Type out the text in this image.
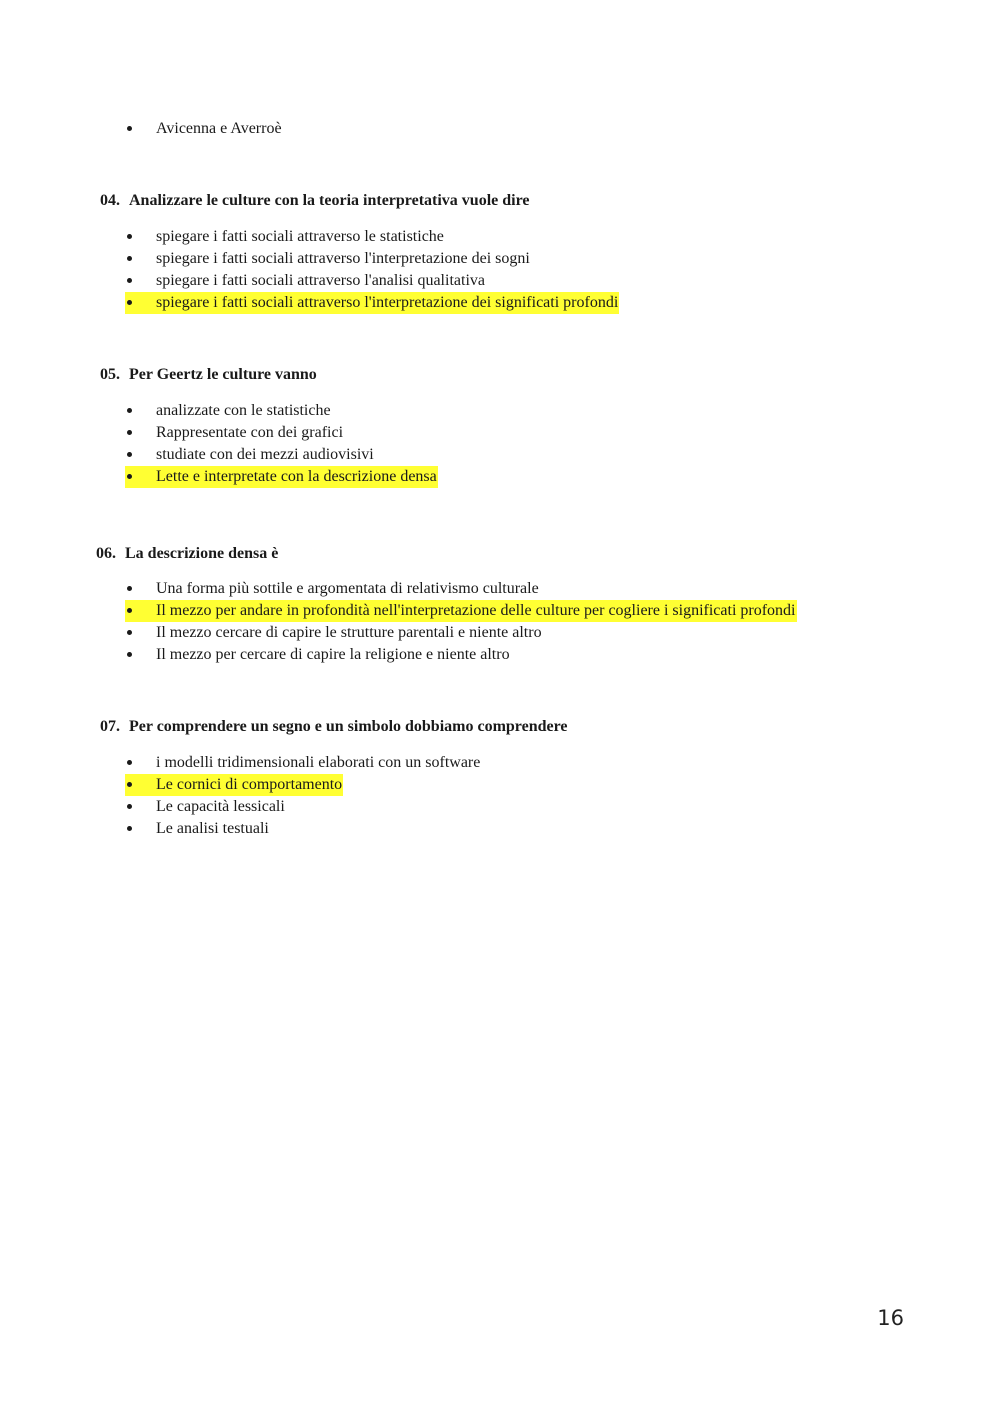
Avicenna e Averroè
04. Analizzare le culture con la teoria interpretativa vuole dire
spiegare i fatti sociali attraverso le statistiche
spiegare i fatti sociali attraverso l'interpretazione dei sogni
spiegare i fatti sociali attraverso l'analisi qualitativa
spiegare i fatti sociali attraverso l'interpretazione dei significati profondi
05. Per Geertz le culture vanno
analizzate con le statistiche
Rappresentate con dei grafici
studiate con dei mezzi audiovisivi
Lette e interpretate con la descrizione densa
06. La descrizione densa è
Una forma più sottile e argomentata di relativismo culturale
Il mezzo per andare in profondità nell'interpretazione delle culture per cogliere i significati profondi
Il mezzo cercare di capire le strutture parentali e niente altro
Il mezzo per cercare di capire la religione e niente altro
07. Per comprendere un segno e un simbolo dobbiamo comprendere
i modelli tridimensionali elaborati con un software
Le cornici di comportamento
Le capacità lessicali
Le analisi testuali
16
